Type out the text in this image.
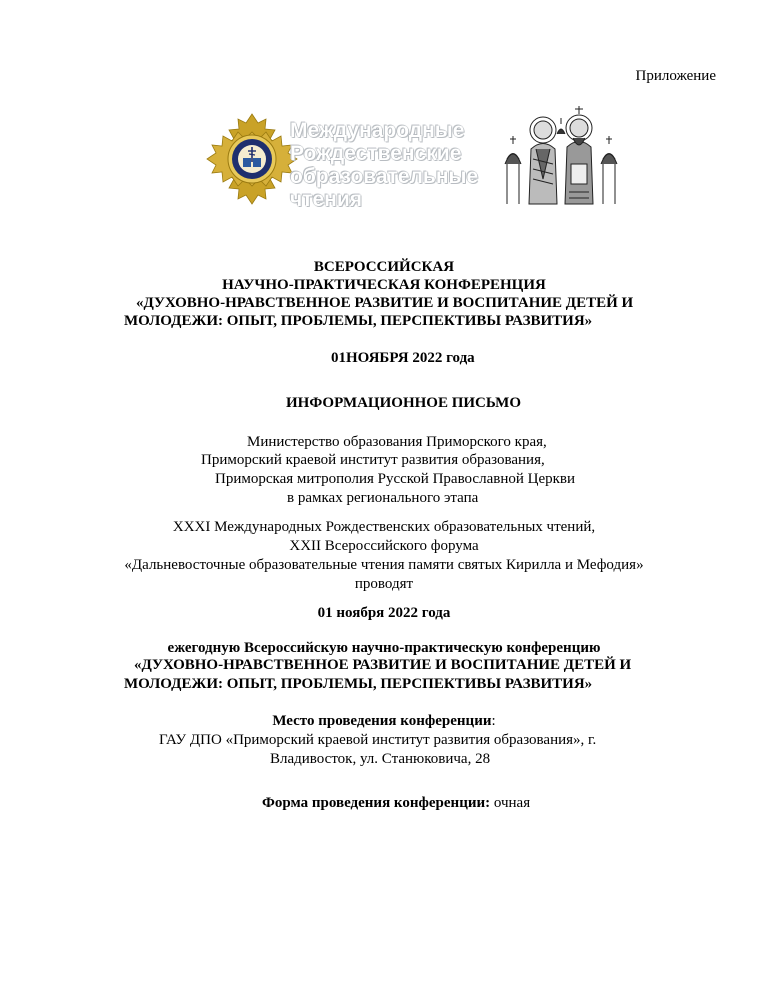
Приложение
Международные
Рождественские
образовательные
чтения
ВСЕРОССИЙСКАЯ
НАУЧНО-ПРАКТИЧЕСКАЯ КОНФЕРЕНЦИЯ
«ДУХОВНО-НРАВСТВЕННОЕ РАЗВИТИЕ И ВОСПИТАНИЕ ДЕТЕЙ И
МОЛОДЕЖИ: ОПЫТ, ПРОБЛЕМЫ, ПЕРСПЕКТИВЫ РАЗВИТИЯ»
01НОЯБРЯ 2022 года
ИНФОРМАЦИОННОЕ ПИСЬМО
Министерство образования Приморского края,
Приморский краевой институт развития образования,
Приморская митрополия Русской Православной Церкви
в рамках регионального этапа
XXXI Международных Рождественских образовательных чтений,
XXII Всероссийского форума
«Дальневосточные образовательные чтения памяти святых Кирилла и Мефодия»
проводят
01 ноября 2022 года
ежегодную Всероссийскую научно-практическую конференцию
«ДУХОВНО-НРАВСТВЕННОЕ РАЗВИТИЕ И ВОСПИТАНИЕ ДЕТЕЙ И
МОЛОДЕЖИ: ОПЫТ, ПРОБЛЕМЫ, ПЕРСПЕКТИВЫ РАЗВИТИЯ»
Место проведения конференции:
ГАУ ДПО «Приморский краевой институт развития образования», г.
Владивосток, ул. Станюковича, 28
Форма проведения конференции: очная
